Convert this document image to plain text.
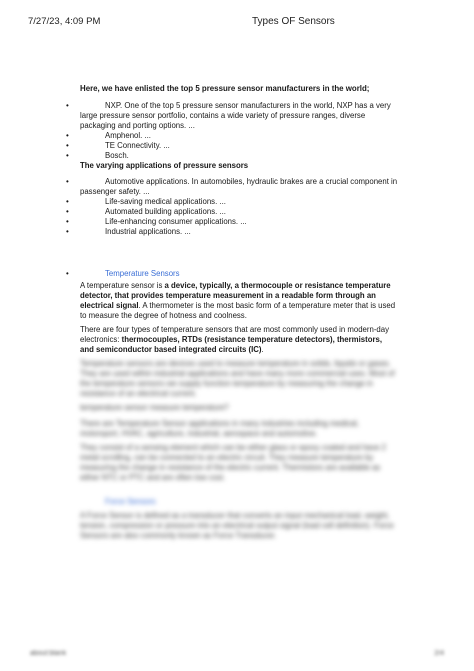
7/27/23, 4:09 PM	Types OF Sensors
Here, we have enlisted the top 5 pressure sensor manufacturers in the world;
•	NXP. One of the top 5 pressure sensor manufacturers in the world, NXP has a very large pressure sensor portfolio, contains a wide variety of pressure ranges, diverse packaging and porting options. ...
•	Amphenol. ...
•	TE Connectivity. ...
•	Bosch.
The varying applications of pressure sensors
•	Automotive applications. In automobiles, hydraulic brakes are a crucial component in passenger safety. ...
•	Life-saving medical applications. ...
•	Automated building applications. ...
•	Life-enhancing consumer applications. ...
•	Industrial applications. ...
•	Temperature Sensors

A temperature sensor is a device, typically, a thermocouple or resistance temperature detector, that provides temperature measurement in a readable form through an electrical signal. A thermometer is the most basic form of a temperature meter that is used to measure the degree of hotness and coolness.

There are four types of temperature sensors that are most commonly used in modern-day electronics: thermocouples, RTDs (resistance temperature detectors), thermistors, and semiconductor based integrated circuits (IC).

Temperature sensors are devices used to measure temperature in solids, liquids or gases. They are used within industrial applications and have many more commercial uses. Most of the temperature sensors we supply function temperature by measuring the change in resistance of an electrical current.

temperature sensor measure temperature?

There are Temperature Sensor applications in many industries including medical, motorsport, HVAC, agriculture, industrial, aerospace and automotive.

They consist of a sensing element which can be either glass or epoxy coated and have 2 metal scrolling, can be connected to an electric circuit. They measure temperature by measuring the change in resistance of the electric current. Thermistors are available as either NTC or PTC and are often low cost.

Force Sensors

A Force Sensor is defined as a transducer that converts an input mechanical load, weight, tension, compression or pressure into an electrical output signal (load cell definition). Force Sensors are also commonly known as Force Transducer.

about:blank	2/4
